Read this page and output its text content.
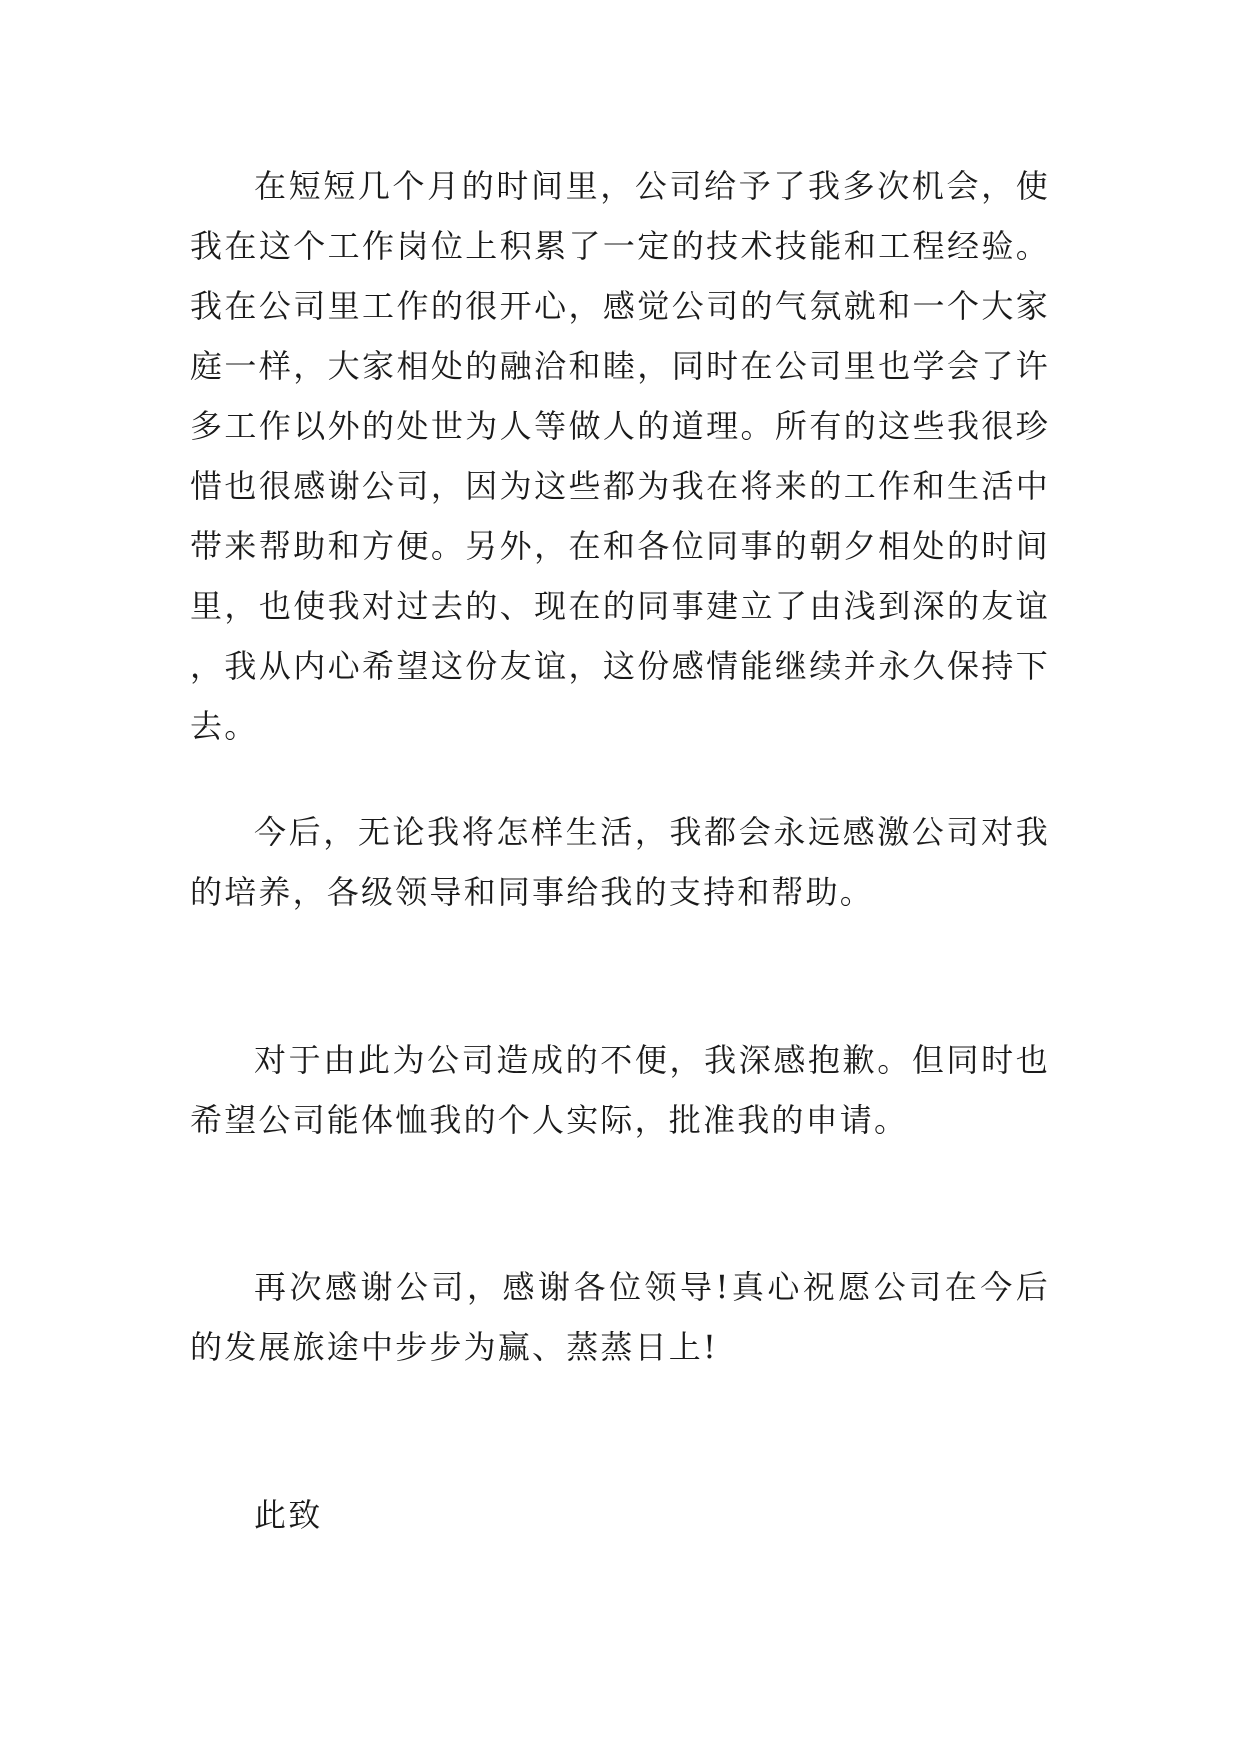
在短短几个月的时间里，公司给予了我多次机会，使我在这个工作岗位上积累了一定的技术技能和工程经验。我在公司里工作的很开心，感觉公司的气氛就和一个大家庭一样，大家相处的融洽和睦，同时在公司里也学会了许多工作以外的处世为人等做人的道理。所有的这些我很珍惜也很感谢公司，因为这些都为我在将来的工作和生活中带来帮助和方便。另外，在和各位同事的朝夕相处的时间里，也使我对过去的、现在的同事建立了由浅到深的友谊，我从内心希望这份友谊，这份感情能继续并永久保持下去。

今后，无论我将怎样生活，我都会永远感激公司对我的培养，各级领导和同事给我的支持和帮助。

对于由此为公司造成的不便，我深感抱歉。但同时也希望公司能体恤我的个人实际，批准我的申请。

再次感谢公司，感谢各位领导!真心祝愿公司在今后的发展旅途中步步为赢、蒸蒸日上!

此致
